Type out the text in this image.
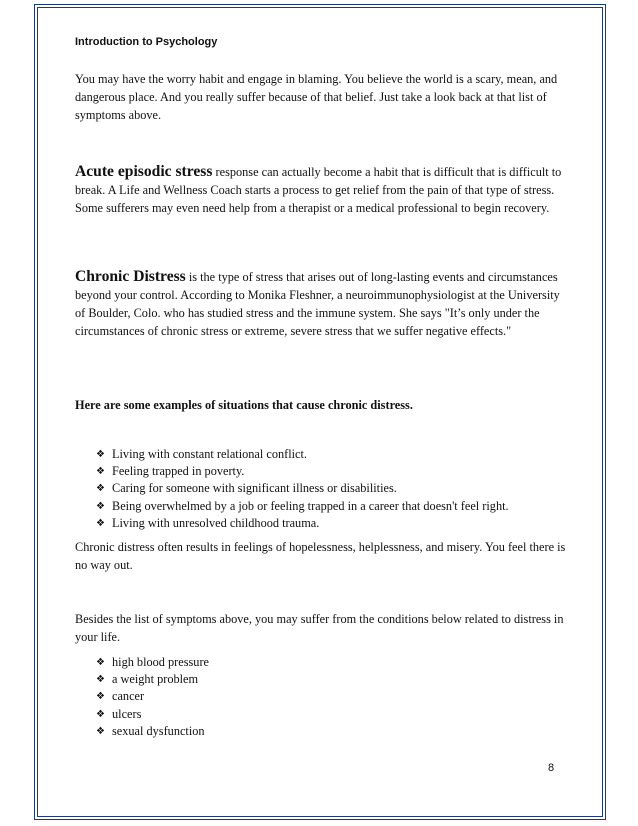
Introduction to Psychology

You may have the worry habit and engage in blaming. You believe the world is a scary, mean, and dangerous place. And you really suffer because of that belief. Just take a look back at that list of symptoms above.

Acute episodic stress response can actually become a habit that is difficult that is difficult to break. A Life and Wellness Coach starts a process to get relief from the pain of that type of stress. Some sufferers may even need help from a therapist or a medical professional to begin recovery.

Chronic Distress is the type of stress that arises out of long-lasting events and circumstances beyond your control. According to Monika Fleshner, a neuroimmunophysiologist at the University of Boulder, Colo. who has studied stress and the immune system. She says "It’s only under the circumstances of chronic stress or extreme, severe stress that we suffer negative effects."

Here are some examples of situations that cause chronic distress.

❖ Living with constant relational conflict.
❖ Feeling trapped in poverty.
❖ Caring for someone with significant illness or disabilities.
❖ Being overwhelmed by a job or feeling trapped in a career that doesn't feel right.
❖ Living with unresolved childhood trauma.

Chronic distress often results in feelings of hopelessness, helplessness, and misery. You feel there is no way out.

Besides the list of symptoms above, you may suffer from the conditions below related to distress in your life.

❖ high blood pressure
❖ a weight problem
❖ cancer
❖ ulcers
❖ sexual dysfunction
8
